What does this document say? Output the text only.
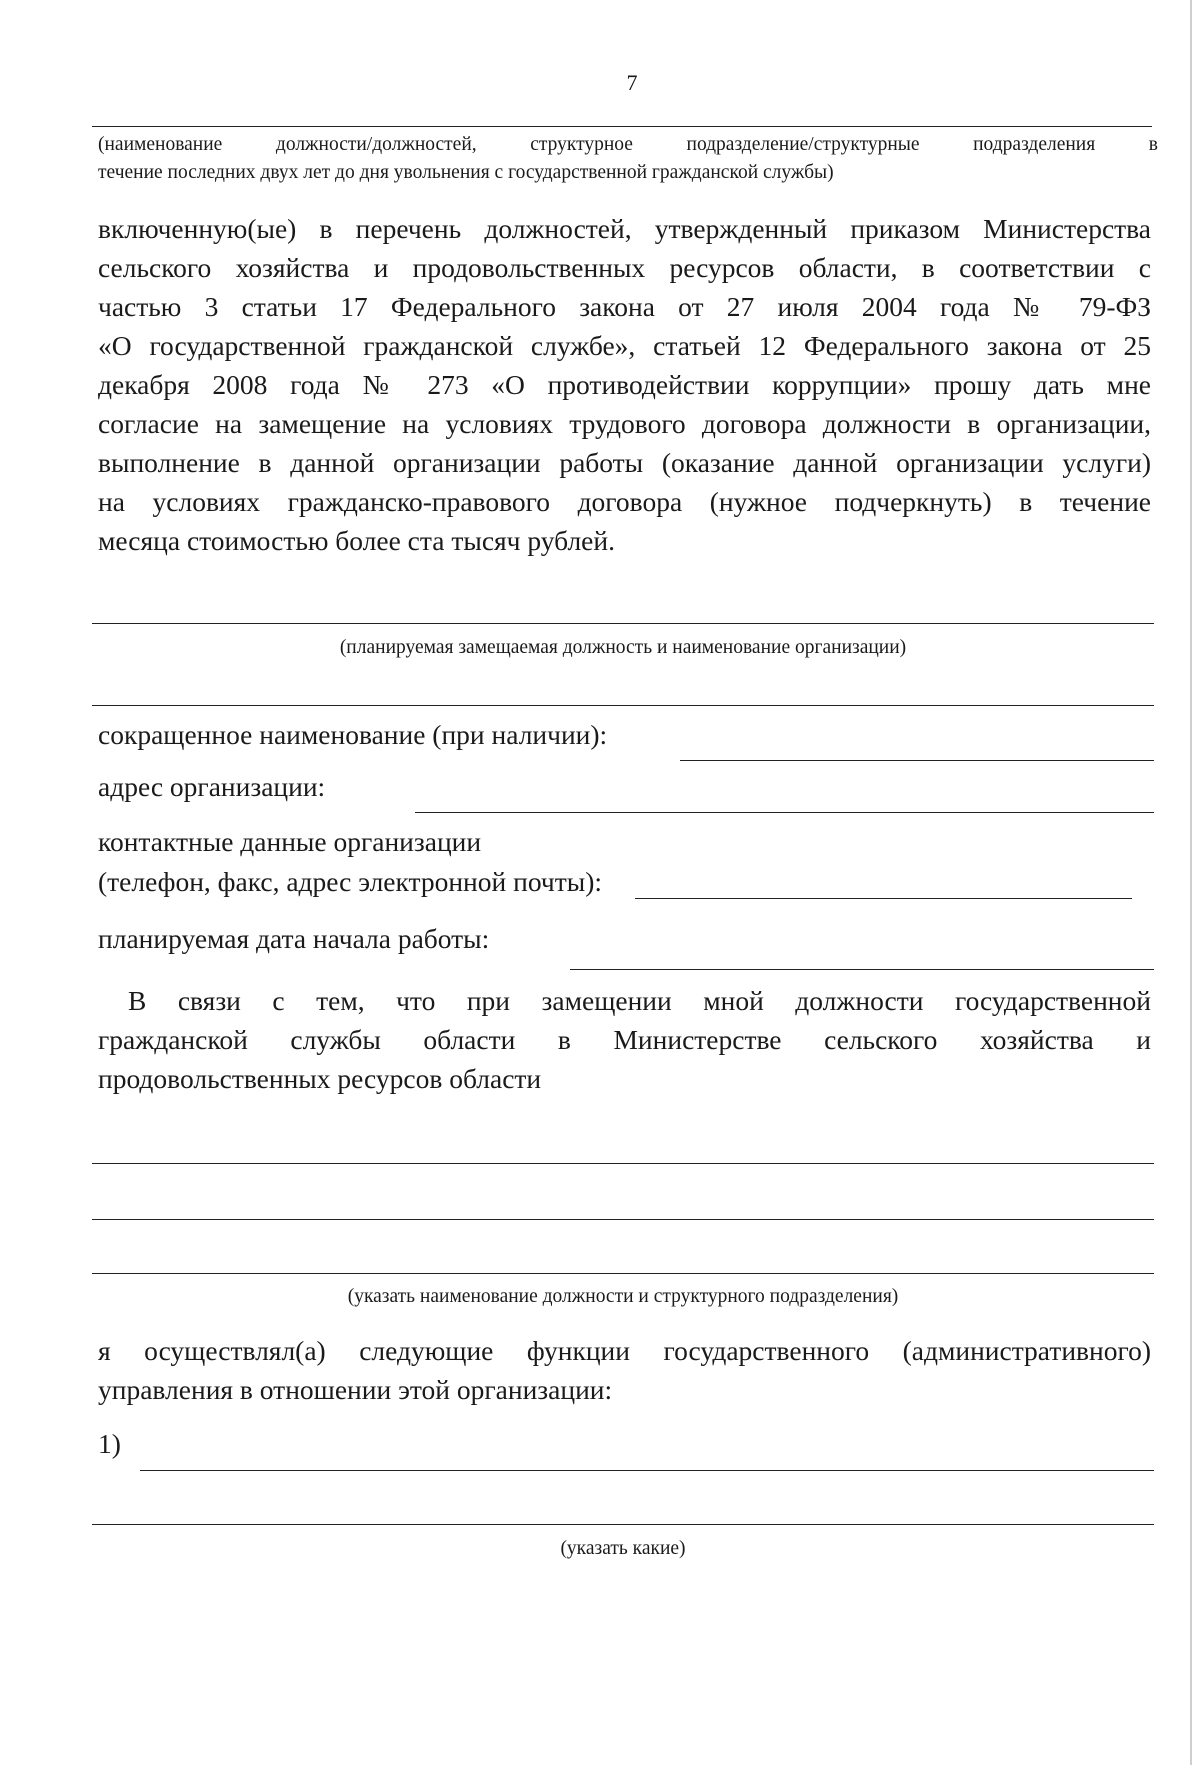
7
(наименование должности/должностей, структурное подразделение/структурные подразделения в
течение последних двух лет до дня увольнения с государственной гражданской службы)
включенную(ые) в перечень должностей, утвержденный приказом Министерства
сельского хозяйства и продовольственных ресурсов области, в соответствии с
частью 3 статьи 17 Федерального закона от 27 июля 2004 года № 79-ФЗ
«О государственной гражданской службе», статьей 12 Федерального закона от 25
декабря 2008 года № 273 «О противодействии коррупции» прошу дать мне
согласие на замещение на условиях трудового договора должности в организации,
выполнение в данной организации работы (оказание данной организации услуги)
на условиях гражданско-правового договора (нужное подчеркнуть) в течение
месяца стоимостью более ста тысяч рублей.
(планируемая замещаемая должность и наименование организации)
сокращенное наименование (при наличии):
адрес организации:
контактные данные организации
(телефон, факс, адрес электронной почты):
планируемая дата начала работы:
В связи с тем, что при замещении мной должности государственной
гражданской службы области в Министерстве сельского хозяйства и
продовольственных ресурсов области
(указать наименование должности и структурного подразделения)
я осуществлял(а) следующие функции государственного (административного)
управления в отношении этой организации:
1)
(указать какие)
